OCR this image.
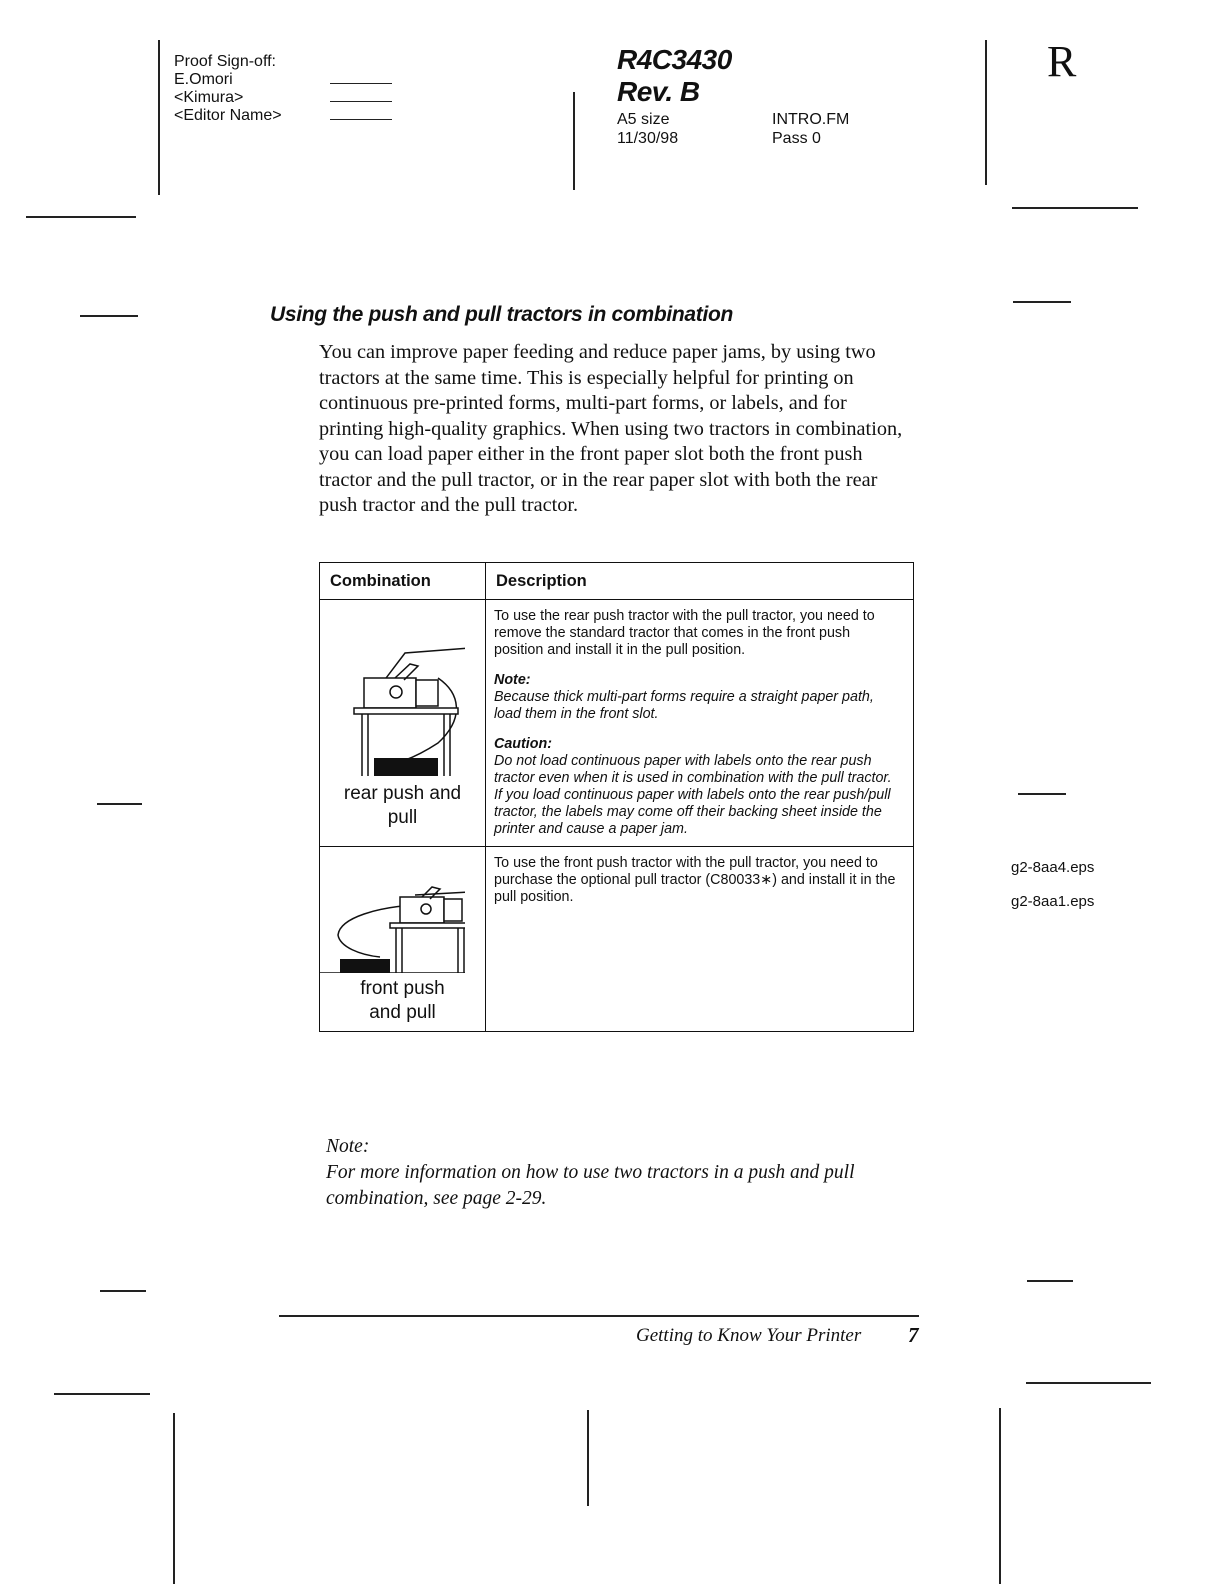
Proof Sign-off:
E.Omori
<Kimura>
<Editor Name>
R4C3430
Rev. B
A5 size
11/30/98
INTRO.FM
Pass 0
R
Using the push and pull tractors in combination
You can improve paper feeding and reduce paper jams, by using two tractors at the same time. This is especially helpful for printing on continuous pre-printed forms, multi-part forms, or labels, and for printing high-quality graphics. When using two tractors in combination, you can load paper either in the front paper slot both the front push tractor and the pull tractor, or in the rear paper slot with both the rear push tractor and the pull tractor.
Combination	Description

rear push and pull	To use the rear push tractor with the pull tractor, you need to remove the standard tractor that comes in the front push position and install it in the pull position.

Note:

Because thick multi-part forms require a straight paper path, load them in the front slot.

Caution:

Do not load continuous paper with labels onto the rear push tractor even when it is used in combination with the pull tractor. If you load continuous paper with labels onto the rear push/pull tractor, the labels may come off their backing sheet inside the printer and cause a paper jam.

front push and pull	To use the front push tractor with the pull tractor, you need to purchase the optional pull tractor (C80033∗) and install it in the pull position.

g2-8aa4.eps
g2-8aa1.eps
Note:
For more information on how to use two tractors in a push and pull combination, see page 2-29.
Getting to Know Your Printer 7
